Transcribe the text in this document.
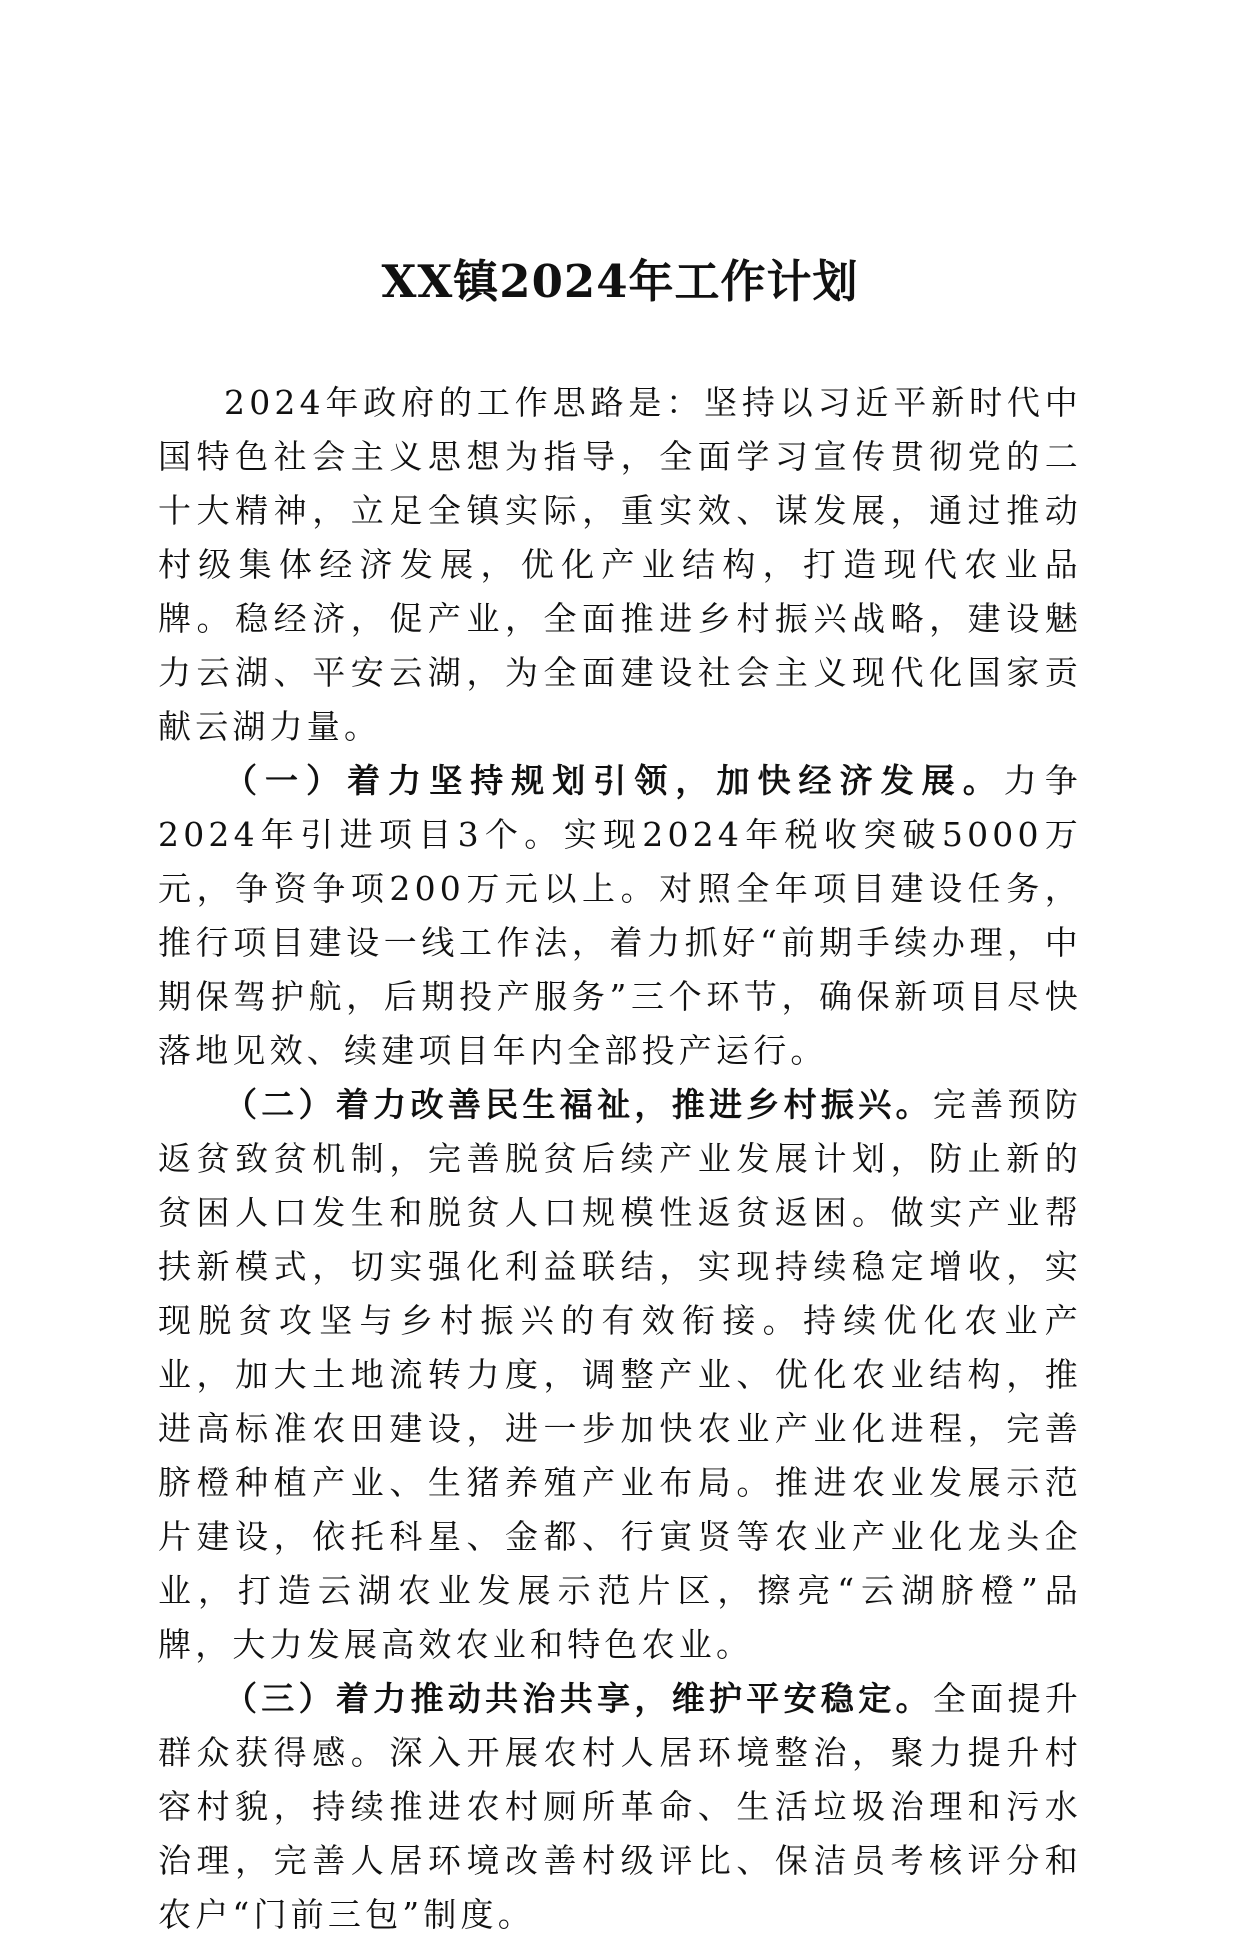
XX镇2024年工作计划

2024年政府的工作思路是：坚持以习近平新时代中国特色社会主义思想为指导，全面学习宣传贯彻党的二十大精神，立足全镇实际，重实效、谋发展，通过推动村级集体经济发展，优化产业结构，打造现代农业品牌。稳经济，促产业，全面推进乡村振兴战略，建设魅力云湖、平安云湖，为全面建设社会主义现代化国家贡献云湖力量。

（一）着力坚持规划引领，加快经济发展。力争2024年引进项目3个。实现2024年税收突破5000万元，争资争项200万元以上。对照全年项目建设任务，推行项目建设一线工作法，着力抓好“前期手续办理，中期保驾护航，后期投产服务”三个环节，确保新项目尽快落地见效、续建项目年内全部投产运行。

（二）着力改善民生福祉，推进乡村振兴。完善预防返贫致贫机制，完善脱贫后续产业发展计划，防止新的贫困人口发生和脱贫人口规模性返贫返困。做实产业帮扶新模式，切实强化利益联结，实现持续稳定增收，实现脱贫攻坚与乡村振兴的有效衔接。持续优化农业产业，加大土地流转力度，调整产业、优化农业结构，推进高标准农田建设，进一步加快农业产业化进程，完善脐橙种植产业、生猪养殖产业布局。推进农业发展示范片建设，依托科星、金都、行寅贤等农业产业化龙头企业，打造云湖农业发展示范片区，擦亮“云湖脐橙”品牌，大力发展高效农业和特色农业。

（三）着力推动共治共享，维护平安稳定。全面提升群众获得感。深入开展农村人居环境整治，聚力提升村容村貌，持续推进农村厕所革命、生活垃圾治理和污水治理，完善人居环境改善村级评比、保洁员考核评分和农户“门前三包”制度。
